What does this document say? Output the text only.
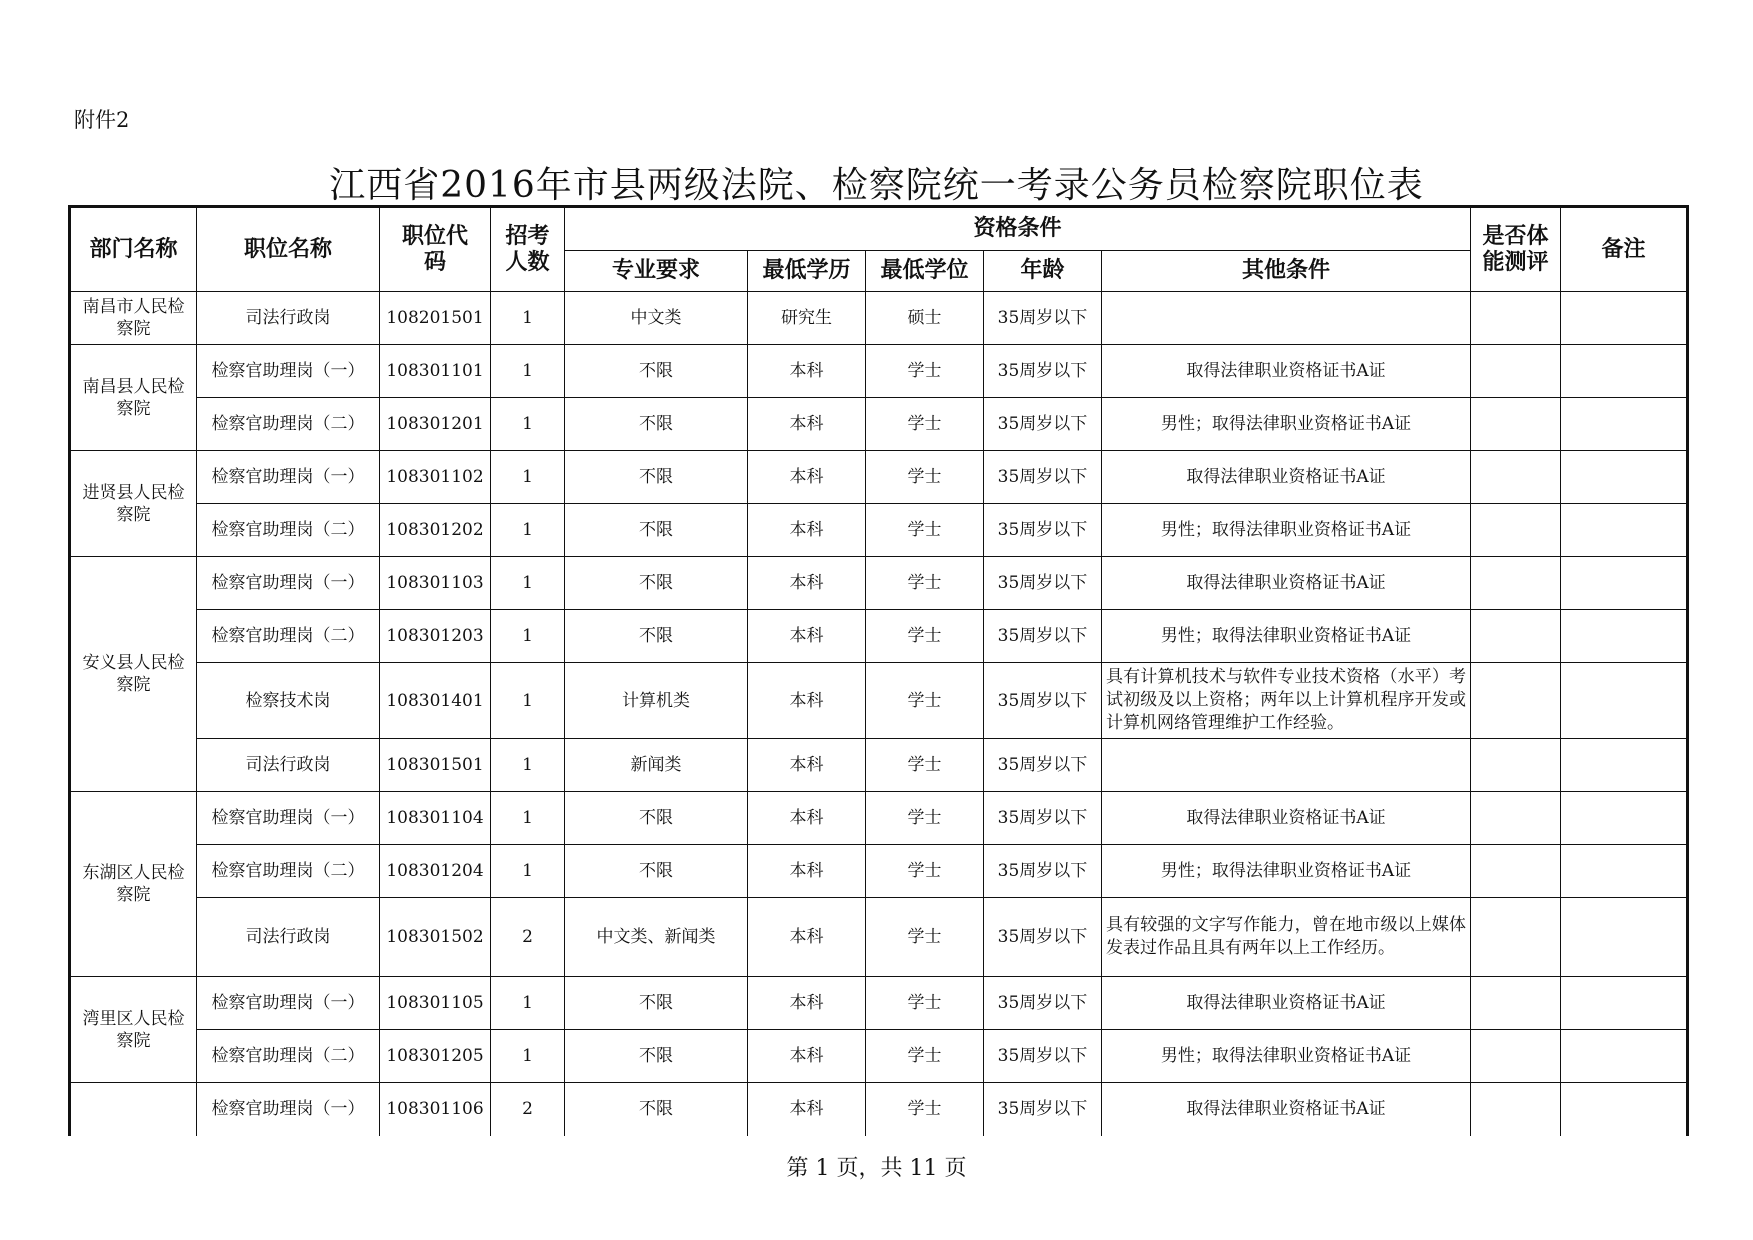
附件2
江西省2016年市县两级法院、检察院统一考录公务员检察院职位表
部门名称	职位名称	职位代码	招考人数	资格条件					是否体能测评	备注
				专业要求	最低学历	最低学位	年龄	其他条件		
南昌市人民检察院	司法行政岗	108201501	1	中文类	研究生	硕士	35周岁以下			
南昌县人民检察院	检察官助理岗（一）	108301101	1	不限	本科	学士	35周岁以下	取得法律职业资格证书A证		
	检察官助理岗（二）	108301201	1	不限	本科	学士	35周岁以下	男性；取得法律职业资格证书A证		
进贤县人民检察院	检察官助理岗（一）	108301102	1	不限	本科	学士	35周岁以下	取得法律职业资格证书A证		
	检察官助理岗（二）	108301202	1	不限	本科	学士	35周岁以下	男性；取得法律职业资格证书A证		
安义县人民检察院	检察官助理岗（一）	108301103	1	不限	本科	学士	35周岁以下	取得法律职业资格证书A证		
	检察官助理岗（二）	108301203	1	不限	本科	学士	35周岁以下	男性；取得法律职业资格证书A证		
	检察技术岗	108301401	1	计算机类	本科	学士	35周岁以下	具有计算机技术与软件专业技术资格（水平）考试初级及以上资格；两年以上计算机程序开发或计算机网络管理维护工作经验。		
	司法行政岗	108301501	1	新闻类	本科	学士	35周岁以下			
东湖区人民检察院	检察官助理岗（一）	108301104	1	不限	本科	学士	35周岁以下	取得法律职业资格证书A证		
	检察官助理岗（二）	108301204	1	不限	本科	学士	35周岁以下	男性；取得法律职业资格证书A证		
	司法行政岗	108301502	2	中文类、新闻类	本科	学士	35周岁以下	具有较强的文字写作能力，曾在地市级以上媒体发表过作品且具有两年以上工作经历。		
湾里区人民检察院	检察官助理岗（一）	108301105	1	不限	本科	学士	35周岁以下	取得法律职业资格证书A证		
	检察官助理岗（二）	108301205	1	不限	本科	学士	35周岁以下	男性；取得法律职业资格证书A证		
	检察官助理岗（一）	108301106	2	不限	本科	学士	35周岁以下	取得法律职业资格证书A证		
第 1 页，共 11 页
